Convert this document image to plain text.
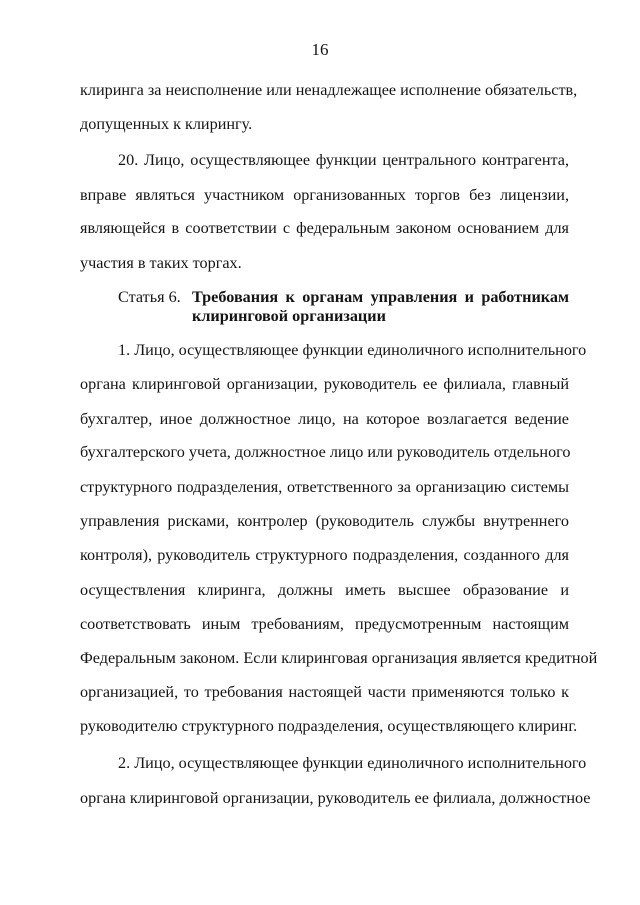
16
клиринга за неисполнение или ненадлежащее исполнение обязательств,
допущенных к клирингу.
20. Лицо, осуществляющее функции центрального контрагента,
вправе являться участником организованных торгов без лицензии,
являющейся в соответствии с федеральным законом основанием для
участия в таких торгах.
Статья 6. Требования к органам управления и работникам
клиринговой организации
1. Лицо, осуществляющее функции единоличного исполнительного
органа клиринговой организации, руководитель ее филиала, главный
бухгалтер, иное должностное лицо, на которое возлагается ведение
бухгалтерского учета, должностное лицо или руководитель отдельного
структурного подразделения, ответственного за организацию системы
управления рисками, контролер (руководитель службы внутреннего
контроля), руководитель структурного подразделения, созданного для
осуществления клиринга, должны иметь высшее образование и
соответствовать иным требованиям, предусмотренным настоящим
Федеральным законом. Если клиринговая организация является кредитной
организацией, то требования настоящей части применяются только к
руководителю структурного подразделения, осуществляющего клиринг.
2. Лицо, осуществляющее функции единоличного исполнительного
органа клиринговой организации, руководитель ее филиала, должностное
